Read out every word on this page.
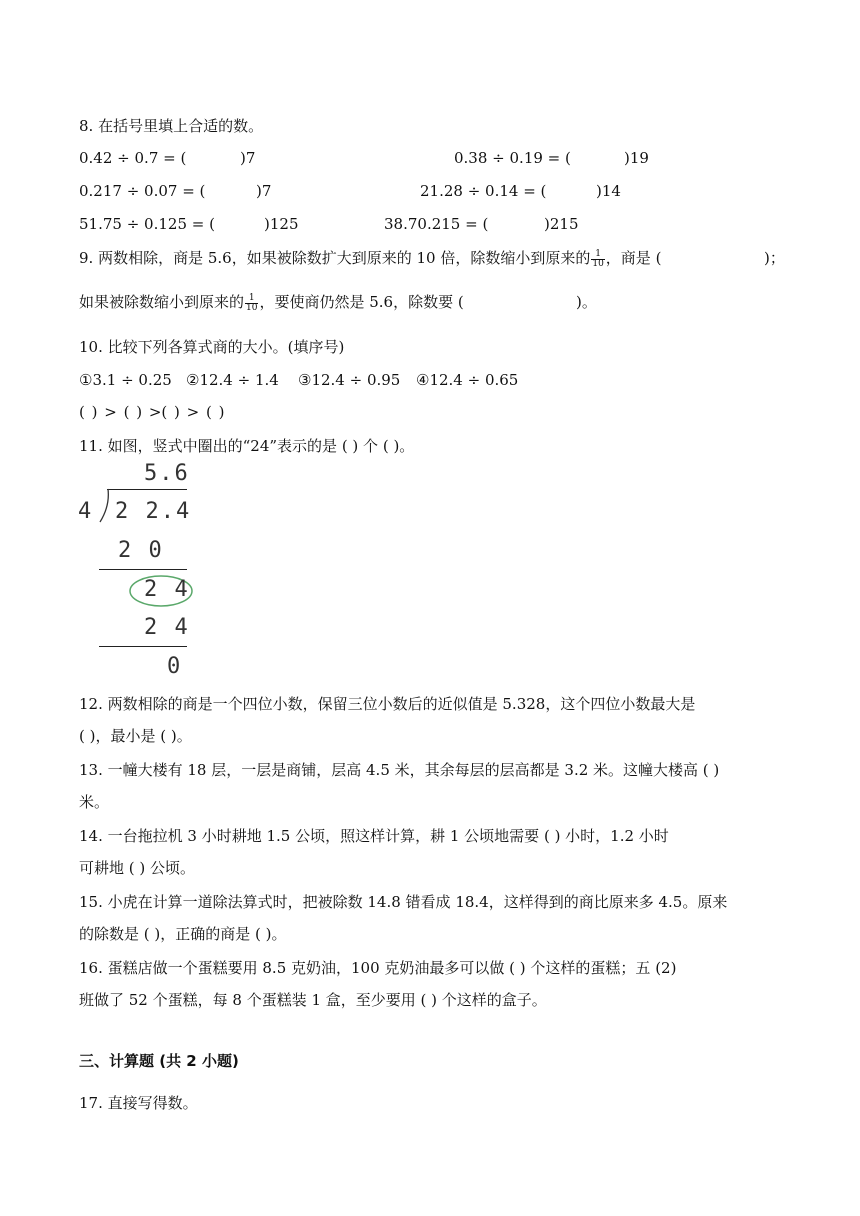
8. 在括号里填上合适的数。
0.42 ÷ 0.7 = (	)7	0.38 ÷ 0.19 = (	)19
0.217 ÷ 0.07 = (	)7	21.28 ÷ 0.14 = (	)14
51.75 ÷ 0.125 = (	)125	38.70.215 = (	)215
9. 两数相除，商是 5.6，如果被除数扩大到原来的 10 倍，除数缩小到原来的 $\frac{1}{10}$ ，商是 (	)；
如果被除数缩小到原来的 $\frac{1}{10}$ ，要使商仍然是 5.6，除数要 (	)。
10. 比较下列各算式商的大小。(填序号)
①3.1 ÷ 0.25 ②12.4 ÷ 1.4 ③12.4 ÷ 0.95 ④12.4 ÷ 0.65
( ) > ( ) >( ) > ( )
11. 如图，竖式中圈出的“24”表示的是 ( ) 个 ( )。
5.6
4 2 2.4
2 0
2 4
2 4
0
12. 两数相除的商是一个四位小数，保留三位小数后的近似值是 5.328，这个四位小数最大是
( )，最小是 ( )。
13. 一幢大楼有 18 层，一层是商铺，层高 4.5 米，其余每层的层高都是 3.2 米。这幢大楼高 ( )
米。
14. 一台拖拉机 3 小时耕地 1.5 公顷，照这样计算，耕 1 公顷地需要 ( ) 小时，1.2 小时
可耕地 ( ) 公顷。
15. 小虎在计算一道除法算式时，把被除数 14.8 错看成 18.4，这样得到的商比原来多 4.5。原来
的除数是 ( )，正确的商是 ( )。
16. 蛋糕店做一个蛋糕要用 8.5 克奶油，100 克奶油最多可以做 ( ) 个这样的蛋糕；五 (2)
班做了 52 个蛋糕，每 8 个蛋糕装 1 盒，至少要用 ( ) 个这样的盒子。
三、计算题 (共 2 小题)
17. 直接写得数。
